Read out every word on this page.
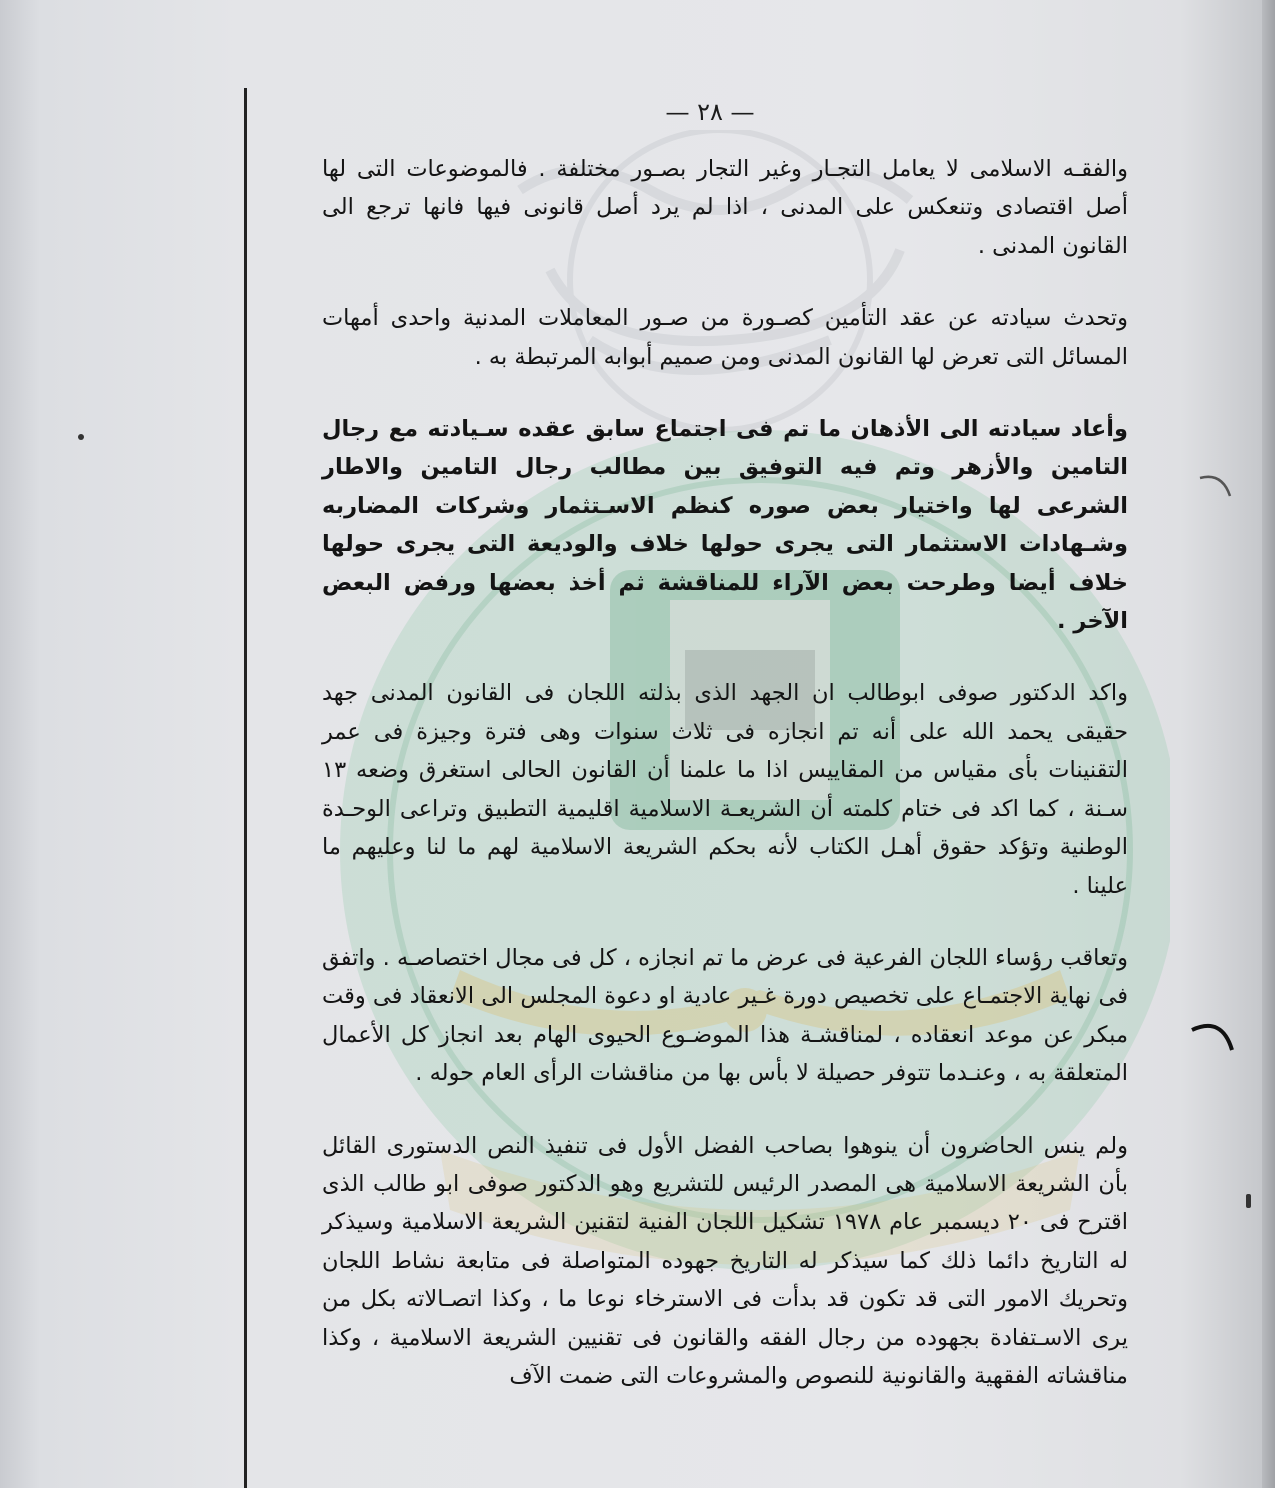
— ٢٨ —

والفقـه الاسلامى لا يعامل التجـار وغير التجار بصـور مختلفة . فالموضوعات التى لها أصل اقتصادى وتنعكس على المدنى ، اذا لم يرد أصل قانونى فيها فانها ترجع الى القانون المدنى .

وتحدث سيادته عن عقد التأمين كصـورة من صـور المعاملات المدنية واحدى أمهات المسائل التى تعرض لها القانون المدنى ومن صميم أبوابه المرتبطة به .

وأعاد سيادته الى الأذهان ما تم فى اجتماع سابق عقده سـيادته مع رجال التامين والأزهر وتم فيه التوفيق بين مطالب رجال التامين والاطار الشرعى لها واختيار بعض صوره كنظم الاسـتثمار وشركات المضاربه وشـهادات الاستثمار التى يجرى حولها خلاف والوديعة التى يجرى حولها خلاف أيضا وطرحت بعض الآراء للمناقشة ثم أخذ بعضها ورفض البعض الآخر .

واكد الدكتور صوفى ابوطالب ان الجهد الذى بذلته اللجان فى القانون المدنى جهد حقيقى يحمد الله على أنه تم انجازه فى ثلاث سنوات وهى فترة وجيزة فى عمر التقنينات بأى مقياس من المقاييس اذا ما علمنا أن القانون الحالى استغرق وضعه ١٣ سـنة ، كما اكد فى ختام كلمته أن الشريعـة الاسلامية اقليمية التطبيق وتراعى الوحـدة الوطنية وتؤكد حقوق أهـل الكتاب لأنه بحكم الشريعة الاسلامية لهم ما لنا وعليهم ما علينا .

وتعاقب رؤساء اللجان الفرعية فى عرض ما تم انجازه ، كل فى مجال اختصاصـه . واتفق فى نهاية الاجتمـاع على تخصيص دورة غـير عادية او دعوة المجلس الى الانعقاد فى وقت مبكر عن موعد انعقاده ، لمناقشـة هذا الموضـوع الحيوى الهام بعد انجاز كل الأعمال المتعلقة به ، وعنـدما تتوفر حصيلة لا بأس بها من مناقشات الرأى العام حوله .

ولم ينس الحاضرون أن ينوهوا بصاحب الفضل الأول فى تنفيذ النص الدستورى القائل بأن الشريعة الاسلامية هى المصدر الرئيس للتشريع وهو الدكتور صوفى ابو طالب الذى اقترح فى ٢٠ ديسمبر عام ١٩٧٨ تشكيل اللجان الفنية لتقنين الشريعة الاسلامية وسيذكر له التاريخ دائما ذلك كما سيذكر له التاريخ جهوده المتواصلة فى متابعة نشاط اللجان وتحريك الامور التى قد تكون قد بدأت فى الاسترخاء نوعا ما ، وكذا اتصـالاته بكل من يرى الاسـتفادة بجهوده من رجال الفقه والقانون فى تقنيين الشريعة الاسلامية ، وكذا مناقشاته الفقهية والقانونية للنصوص والمشروعات التى ضمت الآف
